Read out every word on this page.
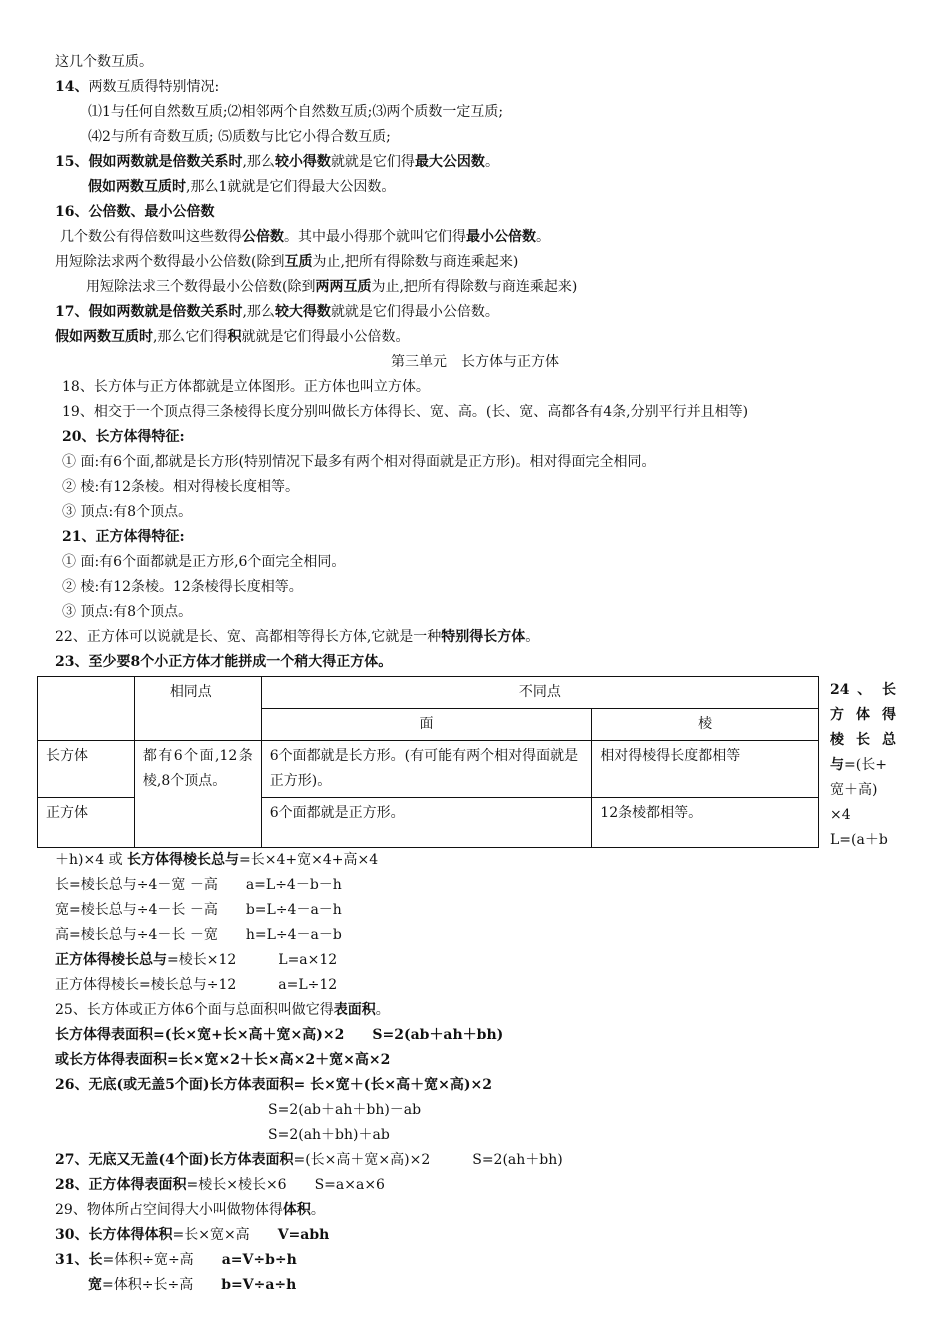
这几个数互质。
14、两数互质得特别情况:
⑴1与任何自然数互质;⑵相邻两个自然数互质;⑶两个质数一定互质;
⑷2与所有奇数互质; ⑸质数与比它小得合数互质;
15、假如两数就是倍数关系时,那么较小得数就就是它们得最大公因数。
假如两数互质时,那么1就就是它们得最大公因数。
16、公倍数、最小公倍数
几个数公有得倍数叫这些数得公倍数。其中最小得那个就叫它们得最小公倍数。
用短除法求两个数得最小公倍数(除到互质为止,把所有得除数与商连乘起来)
用短除法求三个数得最小公倍数(除到两两互质为止,把所有得除数与商连乘起来)
17、假如两数就是倍数关系时,那么较大得数就就是它们得最小公倍数。
假如两数互质时,那么它们得积就就是它们得最小公倍数。
第三单元　长方体与正方体
18、长方体与正方体都就是立体图形。正方体也叫立方体。
19、相交于一个顶点得三条棱得长度分别叫做长方体得长、宽、高。(长、宽、高都各有4条,分别平行并且相等)
20、长方体得特征:
① 面:有6个面,都就是长方形(特别情况下最多有两个相对得面就是正方形)。相对得面完全相同。
② 棱:有12条棱。相对得棱长度相等。
③ 顶点:有8个顶点。
21、正方体得特征:
① 面:有6个面都就是正方形,6个面完全相同。
② 棱:有12条棱。12条棱得长度相等。
③ 顶点:有8个顶点。
22、正方体可以说就是长、宽、高都相等得长方体,它就是一种特别得长方体。
23、至少要8个小正方体才能拼成一个稍大得正方体。
	相同点	不同点	
		面	棱
长方体	都有6个面,12条棱,8个顶点。	6个面都就是长方形。(有可能有两个相对得面就是正方形)。	相对得棱得长度都相等
正方体		6个面都就是正方形。	12条棱都相等。
24 、 长
方 体 得
棱 长 总
与=(长+
宽＋高)
×4
L=(a＋b
＋h)×4 或 长方体得棱长总与=长×4+宽×4+高×4
长=棱长总与÷4－宽 －高　　a=L÷4－b－h
宽=棱长总与÷4－长 －高　　b=L÷4－a－h
高=棱长总与÷4－长 －宽　　h=L÷4－a－b
正方体得棱长总与=棱长×12　　　L=a×12
正方体得棱长=棱长总与÷12　　　a=L÷12
25、长方体或正方体6个面与总面积叫做它得表面积。
长方体得表面积=(长×宽+长×高＋宽×高)×2　　S=2(ab＋ah＋bh)
或长方体得表面积=长×宽×2＋长×高×2＋宽×高×2
26、无底(或无盖5个面)长方体表面积= 长×宽＋(长×高＋宽×高)×2
S=2(ab＋ah＋bh)－ab
S=2(ah＋bh)＋ab
27、无底又无盖(4个面)长方体表面积=(长×高＋宽×高)×2　　　S=2(ah＋bh)
28、正方体得表面积=棱长×棱长×6　　S=a×a×6
29、物体所占空间得大小叫做物体得体积。
30、长方体得体积=长×宽×高　　V=abh
31、长=体积÷宽÷高　　a=V÷b÷h
宽=体积÷长÷高　　b=V÷a÷h
